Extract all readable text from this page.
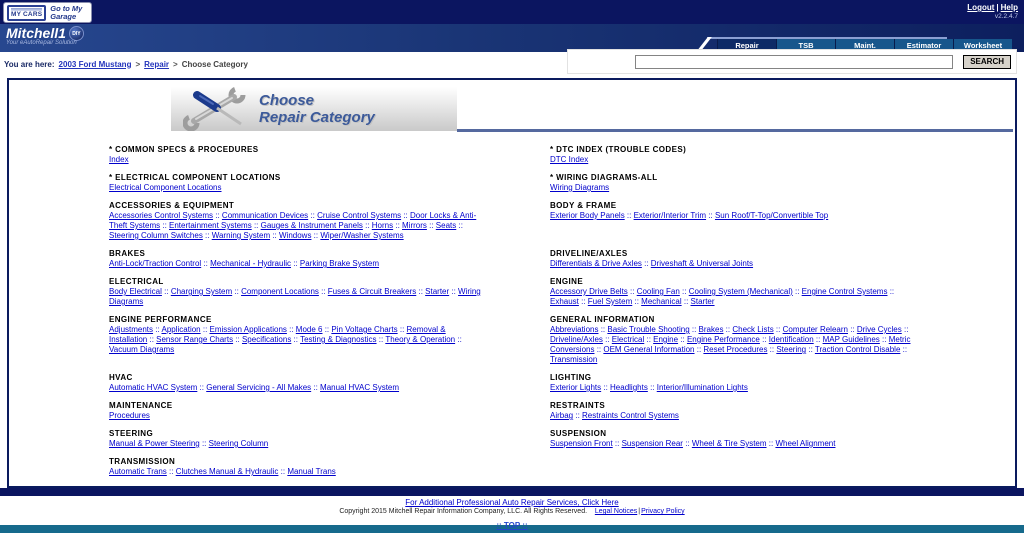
MY CARS
Go to My Garage
Logout | Help
v2.2.4.7
Mitchell1 DIY
Your eAutoRepair Solution	Repair	TSB	Maint.	Estimator	Worksheet
You are here: 2003 Ford Mustang > Repair > Choose Category	SEARCH
Choose
Repair Category
* COMMON SPECS & PROCEDURES
Index
* DTC INDEX (TROUBLE CODES)
DTC Index
* ELECTRICAL COMPONENT LOCATIONS
Electrical Component Locations
* WIRING DIAGRAMS-ALL
Wiring Diagrams
ACCESSORIES & EQUIPMENT
Accessories Control Systems :: Communication Devices :: Cruise Control Systems :: Door Locks & Anti-Theft Systems :: Entertainment Systems :: Gauges & Instrument Panels :: Horns :: Mirrors :: Seats :: Steering Column Switches :: Warning System :: Windows :: Wiper/Washer Systems
BODY & FRAME
Exterior Body Panels :: Exterior/Interior Trim :: Sun Roof/T-Top/Convertible Top
BRAKES
Anti-Lock/Traction Control :: Mechanical - Hydraulic :: Parking Brake System
DRIVELINE/AXLES
Differentials & Drive Axles :: Driveshaft & Universal Joints
ELECTRICAL
Body Electrical :: Charging System :: Component Locations :: Fuses & Circuit Breakers :: Starter :: Wiring Diagrams
ENGINE
Accessory Drive Belts :: Cooling Fan :: Cooling System (Mechanical) :: Engine Control Systems :: Exhaust :: Fuel System :: Mechanical :: Starter
ENGINE PERFORMANCE
Adjustments :: Application :: Emission Applications :: Mode 6 :: Pin Voltage Charts :: Removal & Installation :: Sensor Range Charts :: Specifications :: Testing & Diagnostics :: Theory & Operation :: Vacuum Diagrams
GENERAL INFORMATION
Abbreviations :: Basic Trouble Shooting :: Brakes :: Check Lists :: Computer Relearn :: Drive Cycles :: Driveline/Axles :: Electrical :: Engine :: Engine Performance :: Identification :: MAP Guidelines :: Metric Conversions :: OEM General Information :: Reset Procedures :: Steering :: Traction Control Disable :: Transmission
HVAC
Automatic HVAC System :: General Servicing - All Makes :: Manual HVAC System
LIGHTING
Exterior Lights :: Headlights :: Interior/Illumination Lights
MAINTENANCE
Procedures
RESTRAINTS
Airbag :: Restraints Control Systems
STEERING
Manual & Power Steering :: Steering Column
SUSPENSION
Suspension Front :: Suspension Rear :: Wheel & Tire System :: Wheel Alignment
TRANSMISSION
Automatic Trans :: Clutches Manual & Hydraulic :: Manual Trans
For Additional Professional Auto Repair Services, Click Here
Copyright 2015 Mitchell Repair Information Company, LLC. All Rights Reserved. Legal Notices|Privacy Policy
:: TOP ::
